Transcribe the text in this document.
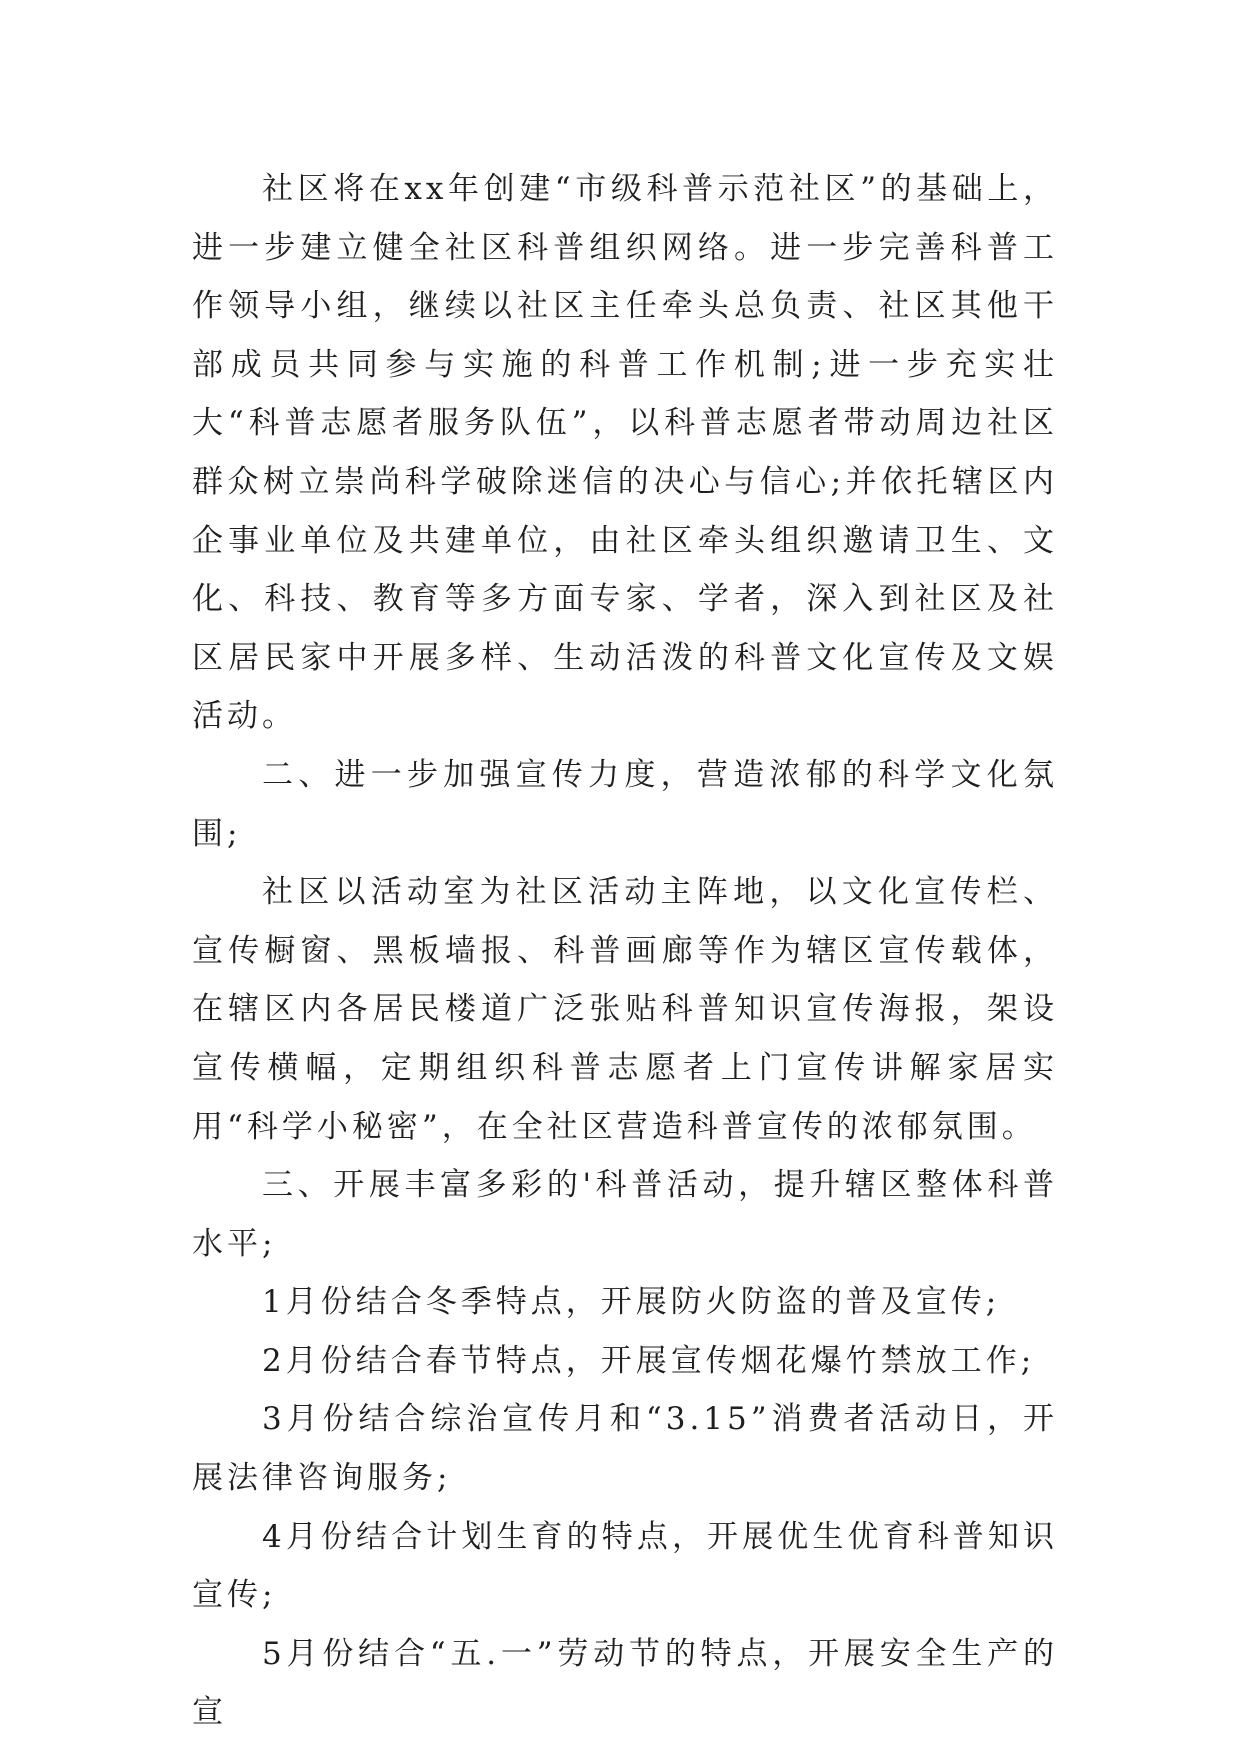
社区将在xx年创建“市级科普示范社区”的基础上，进一步建立健全社区科普组织网络。进一步完善科普工作领导小组，继续以社区主任牵头总负责、社区其他干部成员共同参与实施的科普工作机制;进一步充实壮大“科普志愿者服务队伍”，以科普志愿者带动周边社区群众树立崇尚科学破除迷信的决心与信心;并依托辖区内企事业单位及共建单位，由社区牵头组织邀请卫生、文化、科技、教育等多方面专家、学者，深入到社区及社区居民家中开展多样、生动活泼的科普文化宣传及文娱活动。

二、进一步加强宣传力度，营造浓郁的科学文化氛围;

社区以活动室为社区活动主阵地，以文化宣传栏、宣传橱窗、黑板墙报、科普画廊等作为辖区宣传载体，在辖区内各居民楼道广泛张贴科普知识宣传海报，架设宣传横幅，定期组织科普志愿者上门宣传讲解家居实用“科学小秘密”，在全社区营造科普宣传的浓郁氛围。

三、开展丰富多彩的'科普活动，提升辖区整体科普水平;

1月份结合冬季特点，开展防火防盗的普及宣传;

2月份结合春节特点，开展宣传烟花爆竹禁放工作;

3月份结合综治宣传月和“3.15”消费者活动日，开展法律咨询服务;

4月份结合计划生育的特点，开展优生优育科普知识宣传;

5月份结合“五.一”劳动节的特点，开展安全生产的宣
